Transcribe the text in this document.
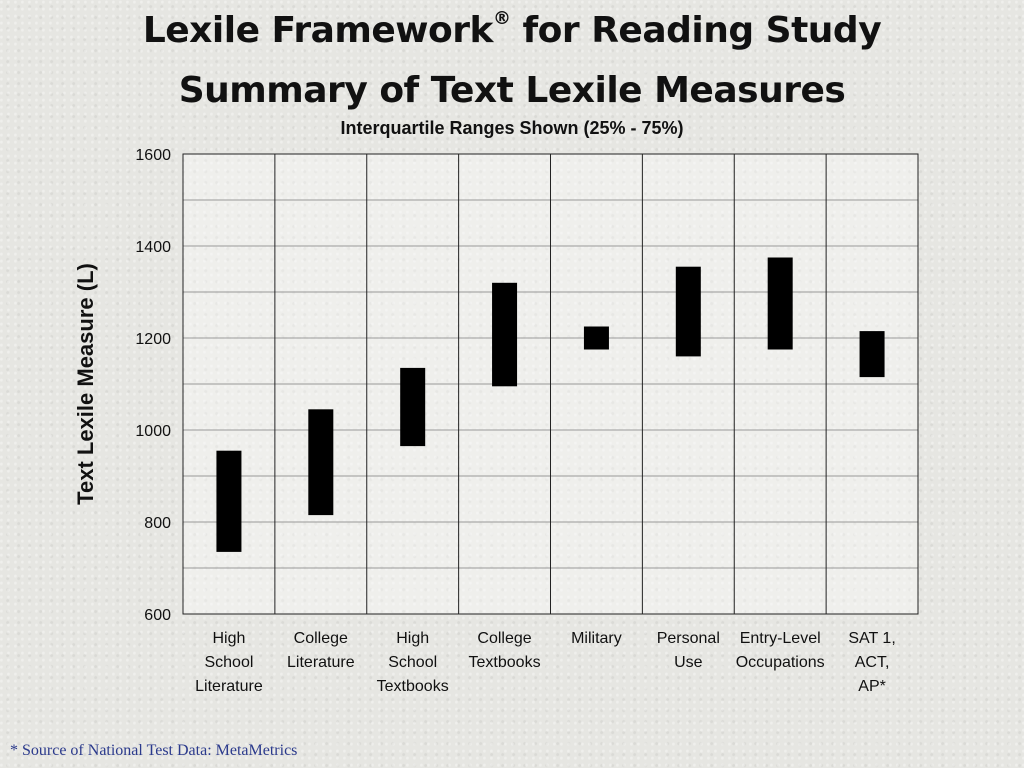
Lexile Framework® for Reading Study
Summary of Text Lexile Measures
Interquartile Ranges Shown (25% - 75%)
600
800
1000
1200
1400
1600
Text Lexile Measure (L)
High School Literature
College Literature
High School Textbooks
College Textbooks
Military Personal Use
Entry-Level Occupations
SAT 1, ACT, AP*
* Source of National Test Data: MetaMetrics
